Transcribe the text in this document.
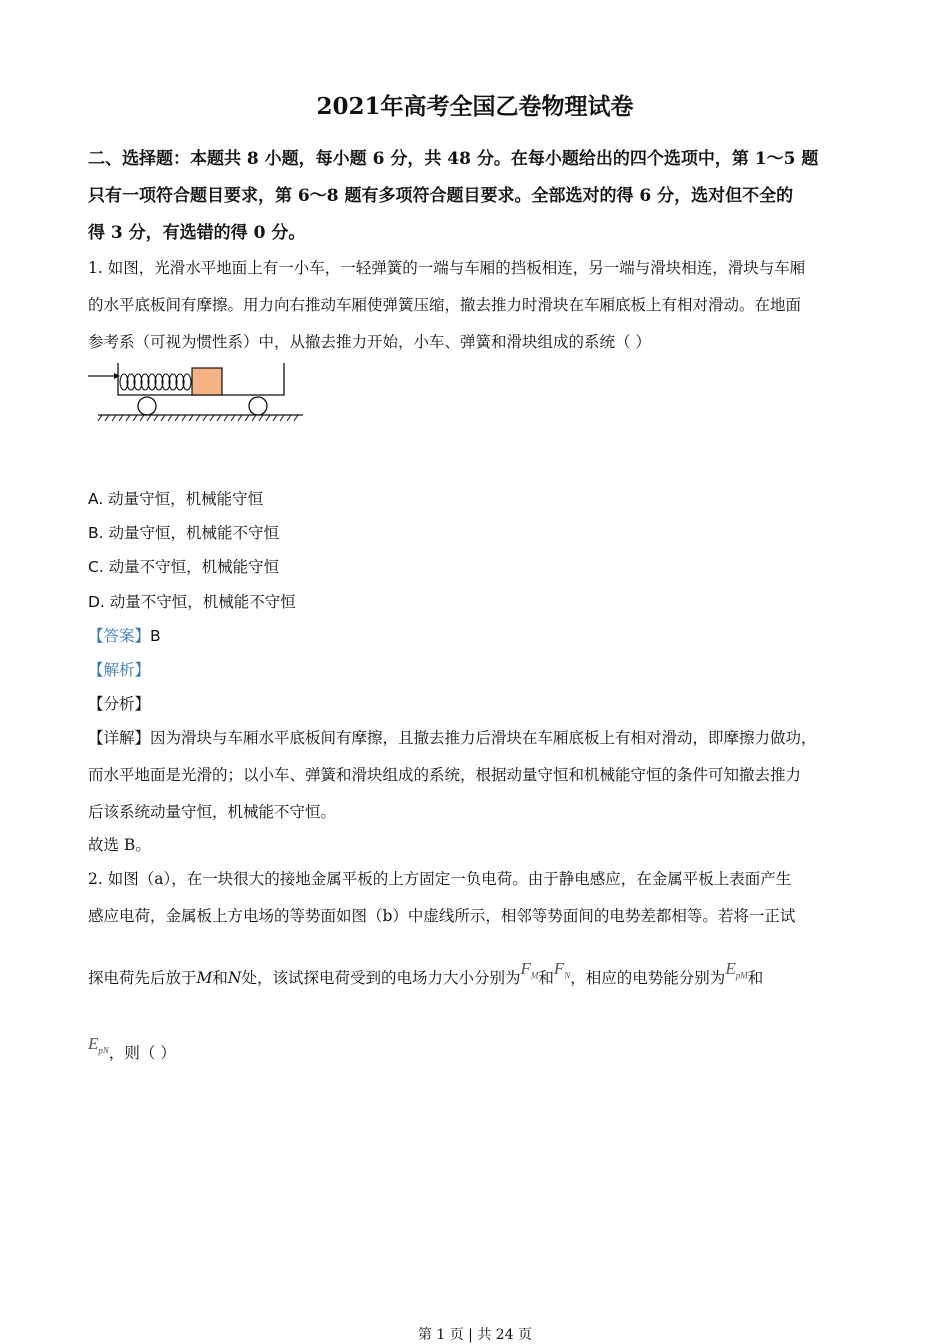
2021年高考全国乙卷物理试卷
二、选择题：本题共 8 小题，每小题 6 分，共 48 分。在每小题给出的四个选项中，第 1～5 题
只有一项符合题目要求，第 6～8 题有多项符合题目要求。全部选对的得 6 分，选对但不全的
得 3 分，有选错的得 0 分。
1. 如图，光滑水平地面上有一小车，一轻弹簧的一端与车厢的挡板相连，另一端与滑块相连，滑块与车厢
的水平底板间有摩擦。用力向右推动车厢使弹簧压缩，撤去推力时滑块在车厢底板上有相对滑动。在地面
参考系（可视为惯性系）中，从撤去推力开始，小车、弹簧和滑块组成的系统（ ）
A. 动量守恒，机械能守恒
B. 动量守恒，机械能不守恒
C. 动量不守恒，机械能守恒
D. 动量不守恒，机械能不守恒
【答案】B
【解析】
【分析】
【详解】因为滑块与车厢水平底板间有摩擦，且撤去推力后滑块在车厢底板上有相对滑动，即摩擦力做功，
而水平地面是光滑的；以小车、弹簧和滑块组成的系统，根据动量守恒和机械能守恒的条件可知撤去推力
后该系统动量守恒，机械能不守恒。
故选 B。
2. 如图（a），在一块很大的接地金属平板的上方固定一负电荷。由于静电感应，在金属平板上表面产生
感应电荷，金属板上方电场的等势面如图（b）中虚线所示，相邻等势面间的电势差都相等。若将一正试
探电荷先后放于M和N处，该试探电荷受到的电场力大小分别为$F_M$和$F_N$，相应的电势能分别为$E_{pM}$和
$E_{pN}$，则（ ）
第 1 页 | 共 24 页
